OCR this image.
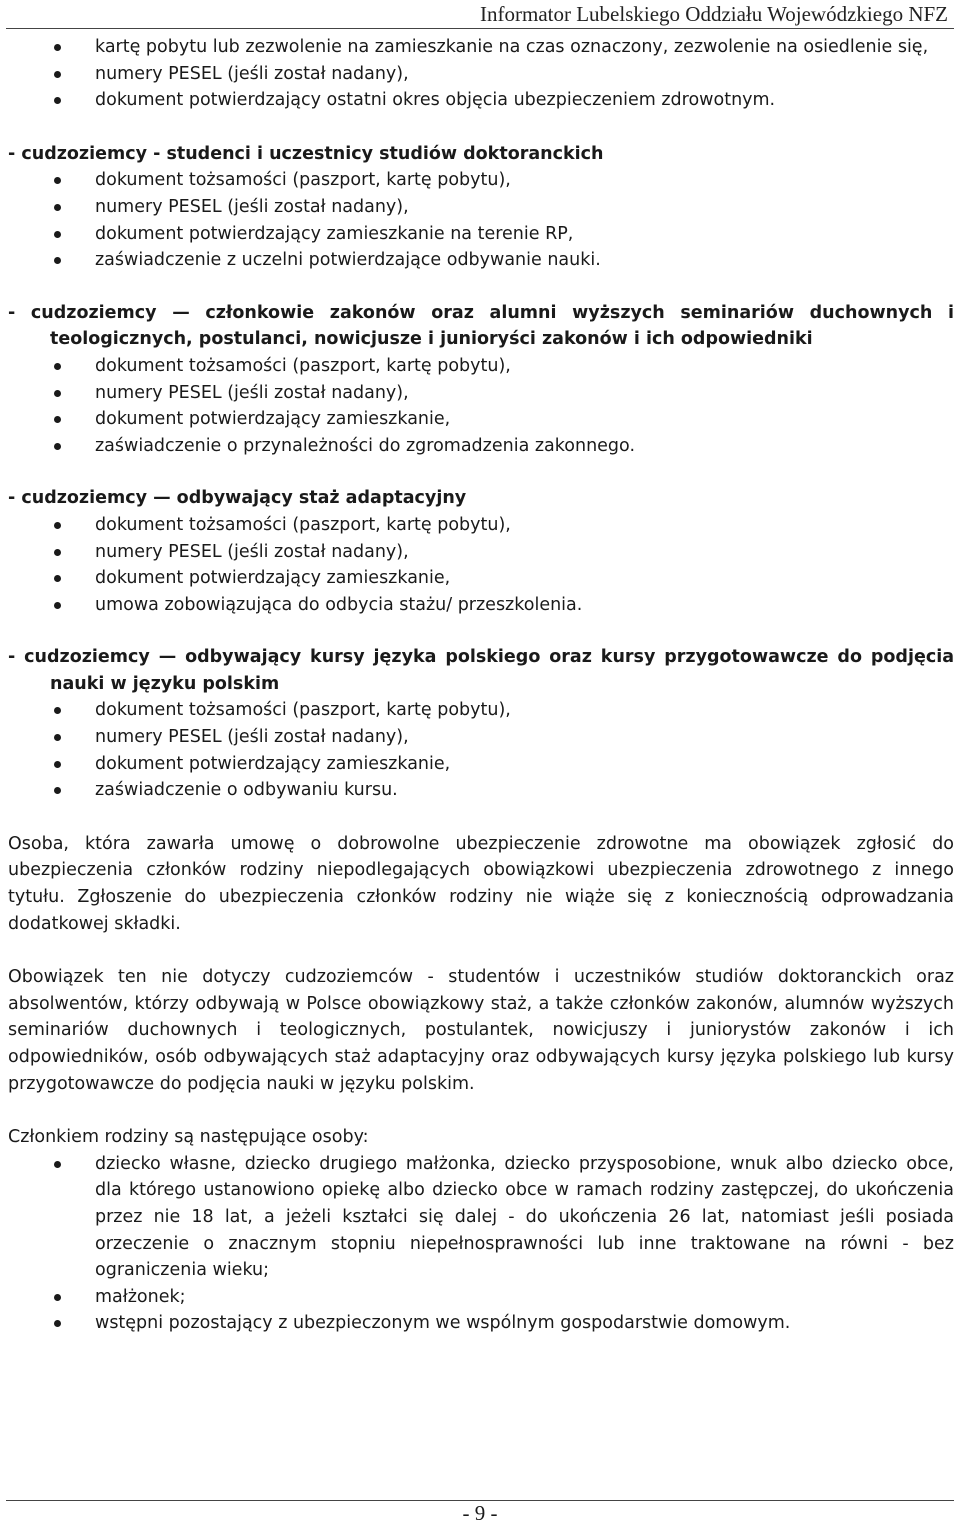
Informator Lubelskiego Oddziału Wojewódzkiego NFZ
kartę pobytu lub zezwolenie na zamieszkanie na czas oznaczony, zezwolenie na osiedlenie się,
numery PESEL (jeśli został nadany),
dokument potwierdzający ostatni okres objęcia ubezpieczeniem zdrowotnym.
- cudzoziemcy - studenci i uczestnicy studiów doktoranckich
dokument tożsamości (paszport, kartę pobytu),
numery PESEL (jeśli został nadany),
dokument potwierdzający zamieszkanie na terenie RP,
zaświadczenie z uczelni potwierdzające odbywanie nauki.
- cudzoziemcy — członkowie zakonów oraz alumni wyższych seminariów duchownych i teologicznych, postulanci, nowicjusze i junioryści zakonów i ich odpowiedniki
dokument tożsamości (paszport, kartę pobytu),
numery PESEL (jeśli został nadany),
dokument potwierdzający zamieszkanie,
zaświadczenie o przynależności do zgromadzenia zakonnego.
- cudzoziemcy — odbywający staż adaptacyjny
dokument tożsamości (paszport, kartę pobytu),
numery PESEL (jeśli został nadany),
dokument potwierdzający zamieszkanie,
umowa zobowiązująca do odbycia stażu/ przeszkolenia.
- cudzoziemcy — odbywający kursy języka polskiego oraz kursy przygotowawcze do podjęcia nauki w języku polskim
dokument tożsamości (paszport, kartę pobytu),
numery PESEL (jeśli został nadany),
dokument potwierdzający zamieszkanie,
zaświadczenie o odbywaniu kursu.

Osoba, która zawarła umowę o dobrowolne ubezpieczenie zdrowotne ma obowiązek zgłosić do ubezpieczenia członków rodziny niepodlegających obowiązkowi ubezpieczenia zdrowotnego z innego tytułu. Zgłoszenie do ubezpieczenia członków rodziny nie wiąże się z koniecznością odprowadzania dodatkowej składki.

Obowiązek ten nie dotyczy cudzoziemców - studentów i uczestników studiów doktoranckich oraz absolwentów, którzy odbywają w Polsce obowiązkowy staż, a także członków zakonów, alumnów wyższych seminariów duchownych i teologicznych, postulantek, nowicjuszy i juniorystów zakonów i ich odpowiedników, osób odbywających staż adaptacyjny oraz odbywających kursy języka polskiego lub kursy przygotowawcze do podjęcia nauki w języku polskim.

Członkiem rodziny są następujące osoby:
dziecko własne, dziecko drugiego małżonka, dziecko przysposobione, wnuk albo dziecko obce, dla którego ustanowiono opiekę albo dziecko obce w ramach rodziny zastępczej, do ukończenia przez nie 18 lat, a jeżeli kształci się dalej - do ukończenia 26 lat, natomiast jeśli posiada orzeczenie o znacznym stopniu niepełnosprawności lub inne traktowane na równi - bez ograniczenia wieku;
małżonek;
wstępni pozostający z ubezpieczonym we wspólnym gospodarstwie domowym.
- 9 -
